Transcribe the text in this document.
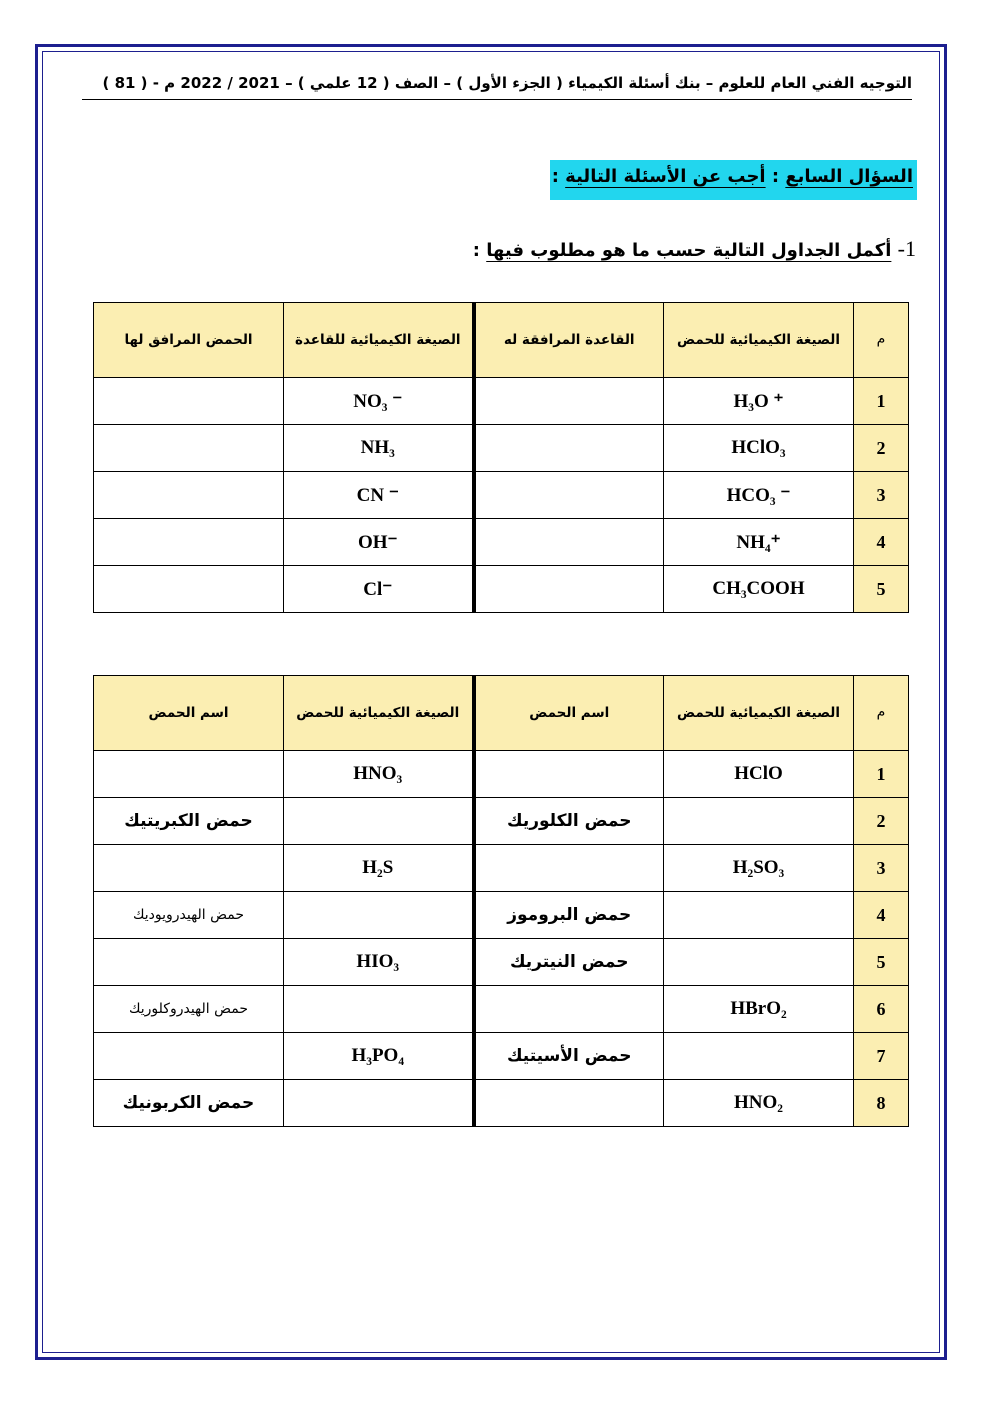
التوجيه الفني العام للعلوم – بنك أسئلة الكيمياء ( الجزء الأول ) – الصف ( 12 علمي ) – 2021 / 2022 م - ( 81 )
السؤال السابع : أجب عن الأسئلة التالية :
1- أكمل الجداول التالية حسب ما هو مطلوب فيها :
الحمض المرافق لها	الصيغة الكيميائية للقاعدة	القاعدة المرافقة له	الصيغة الكيميائية للحمض	م
	NO₃ ⁻		H₃O ⁺	1
	NH₃		HClO₃	2
	CN ⁻		HCO₃ ⁻	3
	OH⁻		NH₄⁺	4
	Cl⁻		CH₃COOH	5
اسم الحمض	الصيغة الكيميائية للحمض	اسم الحمض	الصيغة الكيميائية للحمض	م
	HNO₃		HClO	1
حمض الكبريتيك		حمض الكلوريك		2
	H₂S		H₂SO₃	3
حمض الهيدرويوديك		حمض البروموز		4
	HIO₃	حمض النيتريك		5
حمض الهيدروكلوريك			HBrO₂	6
	H₃PO₄	حمض الأسيتيك		7
حمض الكربونيك			HNO₂	8
